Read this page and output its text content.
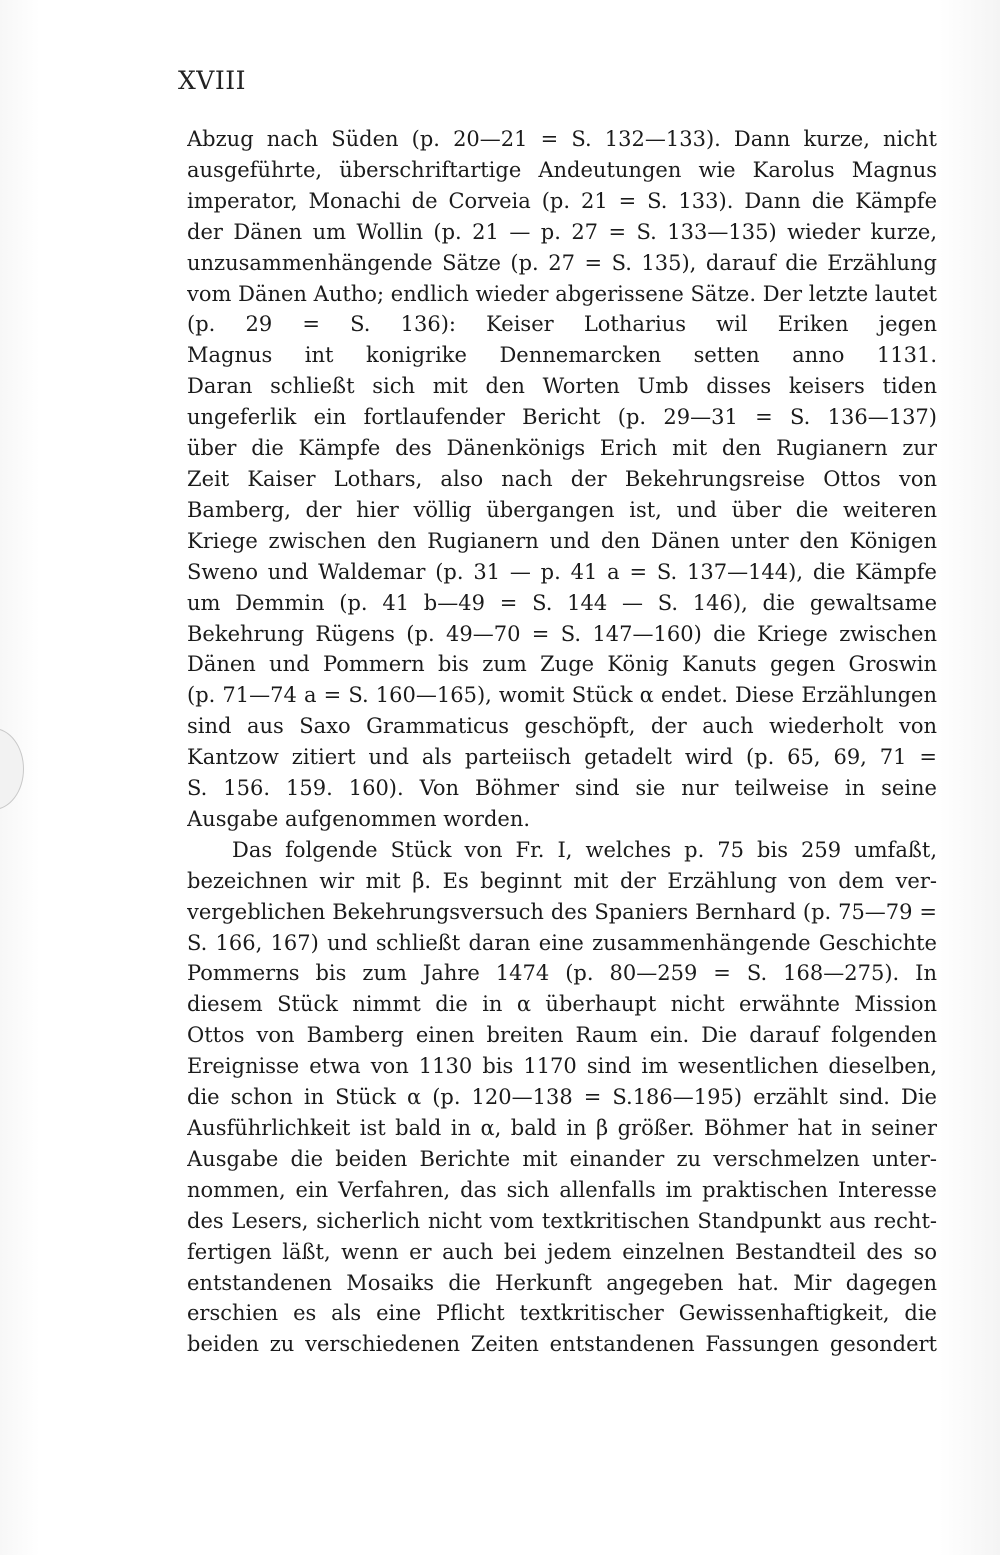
XVIII
Abzug nach Süden (p. 20—21 = S. 132—133). Dann kurze, nicht
ausgeführte, überschriftartige Andeutungen wie Karolus Magnus
imperator, Monachi de Corveia (p. 21 = S. 133). Dann die Kämpfe
der Dänen um Wollin (p. 21 — p. 27 = S. 133—135) wieder kurze,
unzusammenhängende Sätze (p. 27 = S. 135), darauf die Erzählung
vom Dänen Autho; endlich wieder abgerissene Sätze. Der letzte lautet
(p. 29 = S. 136): Keiser Lotharius wil Eriken jegen
Magnus int konigrike Dennemarcken setten anno 1131.
Daran schließt sich mit den Worten Umb disses keisers tiden
ungeferlik ein fortlaufender Bericht (p. 29—31 = S. 136—137)
über die Kämpfe des Dänenkönigs Erich mit den Rugianern zur
Zeit Kaiser Lothars, also nach der Bekehrungsreise Ottos von
Bamberg, der hier völlig übergangen ist, und über die weiteren
Kriege zwischen den Rugianern und den Dänen unter den Königen
Sweno und Waldemar (p. 31 — p. 41 a = S. 137—144), die Kämpfe
um Demmin (p. 41 b—49 = S. 144 — S. 146), die gewaltsame
Bekehrung Rügens (p. 49—70 = S. 147—160) die Kriege zwischen
Dänen und Pommern bis zum Zuge König Kanuts gegen Groswin
(p. 71—74 a = S. 160—165), womit Stück α endet. Diese Erzählungen
sind aus Saxo Grammaticus geschöpft, der auch wiederholt von
Kantzow zitiert und als parteiisch getadelt wird (p. 65, 69, 71 =
S. 156. 159. 160). Von Böhmer sind sie nur teilweise in seine
Ausgabe aufgenommen worden.
Das folgende Stück von Fr. I, welches p. 75 bis 259 umfaßt,
bezeichnen wir mit β. Es beginnt mit der Erzählung von dem ver-
vergeblichen Bekehrungsversuch des Spaniers Bernhard (p. 75—79 =
S. 166, 167) und schließt daran eine zusammenhängende Geschichte
Pommerns bis zum Jahre 1474 (p. 80—259 = S. 168—275). In
diesem Stück nimmt die in α überhaupt nicht erwähnte Mission
Ottos von Bamberg einen breiten Raum ein. Die darauf folgenden
Ereignisse etwa von 1130 bis 1170 sind im wesentlichen dieselben,
die schon in Stück α (p. 120—138 = S.186—195) erzählt sind. Die
Ausführlichkeit ist bald in α, bald in β größer. Böhmer hat in seiner
Ausgabe die beiden Berichte mit einander zu verschmelzen unter-
nommen, ein Verfahren, das sich allenfalls im praktischen Interesse
des Lesers, sicherlich nicht vom textkritischen Standpunkt aus recht-
fertigen läßt, wenn er auch bei jedem einzelnen Bestandteil des so
entstandenen Mosaiks die Herkunft angegeben hat. Mir dagegen
erschien es als eine Pflicht textkritischer Gewissenhaftigkeit, die
beiden zu verschiedenen Zeiten entstandenen Fassungen gesondert
